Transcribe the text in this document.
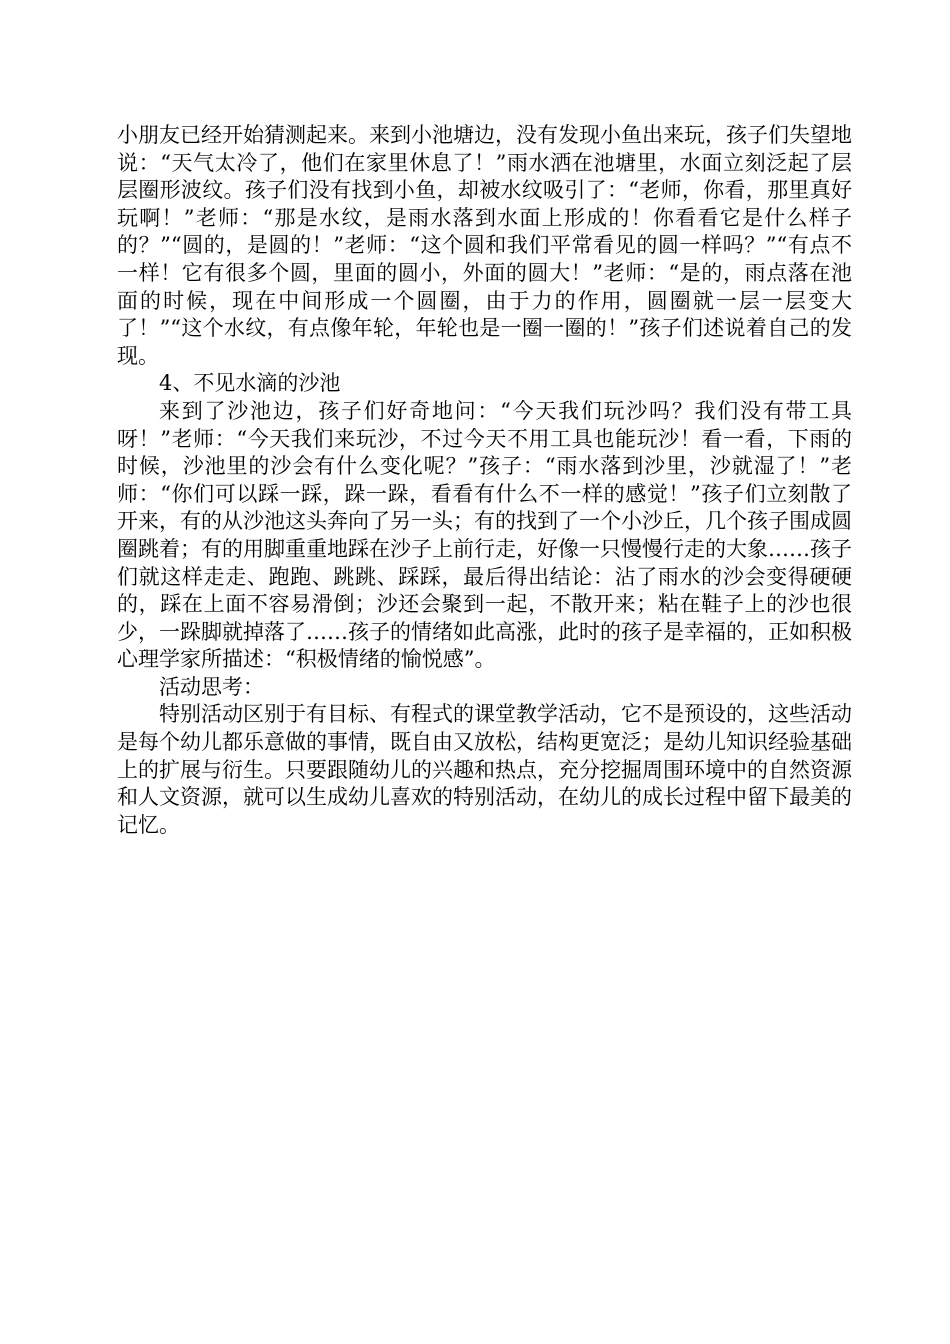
小朋友已经开始猜测起来。来到小池塘边，没有发现小鱼出来玩，孩子们失望地说：“天气太冷了，他们在家里休息了！”雨水洒在池塘里，水面立刻泛起了层层圈形波纹。孩子们没有找到小鱼，却被水纹吸引了：“老师，你看，那里真好玩啊！”老师：“那是水纹，是雨水落到水面上形成的！你看看它是什么样子的？”“圆的，是圆的！”老师：“这个圆和我们平常看见的圆一样吗？”“有点不一样！它有很多个圆，里面的圆小，外面的圆大！”老师：“是的，雨点落在池面的时候，现在中间形成一个圆圈，由于力的作用，圆圈就一层一层变大了！”“这个水纹，有点像年轮，年轮也是一圈一圈的！”孩子们述说着自己的发现。

4、不见水滴的沙池

来到了沙池边，孩子们好奇地问：“今天我们玩沙吗？我们没有带工具呀！”老师：“今天我们来玩沙，不过今天不用工具也能玩沙！看一看，下雨的时候，沙池里的沙会有什么变化呢？”孩子：“雨水落到沙里，沙就湿了！”老师：“你们可以踩一踩，跺一跺，看看有什么不一样的感觉！”孩子们立刻散了开来，有的从沙池这头奔向了另一头；有的找到了一个小沙丘，几个孩子围成圆圈跳着；有的用脚重重地踩在沙子上前行走，好像一只慢慢行走的大象……孩子们就这样走走、跑跑、跳跳、踩踩，最后得出结论：沾了雨水的沙会变得硬硬的，踩在上面不容易滑倒；沙还会聚到一起，不散开来；粘在鞋子上的沙也很少，一跺脚就掉落了……孩子的情绪如此高涨，此时的孩子是幸福的，正如积极心理学家所描述：“积极情绪的愉悦感”。

活动思考：

特别活动区别于有目标、有程式的课堂教学活动，它不是预设的，这些活动是每个幼儿都乐意做的事情，既自由又放松，结构更宽泛；是幼儿知识经验基础上的扩展与衍生。只要跟随幼儿的兴趣和热点，充分挖掘周围环境中的自然资源和人文资源，就可以生成幼儿喜欢的特别活动，在幼儿的成长过程中留下最美的记忆。
